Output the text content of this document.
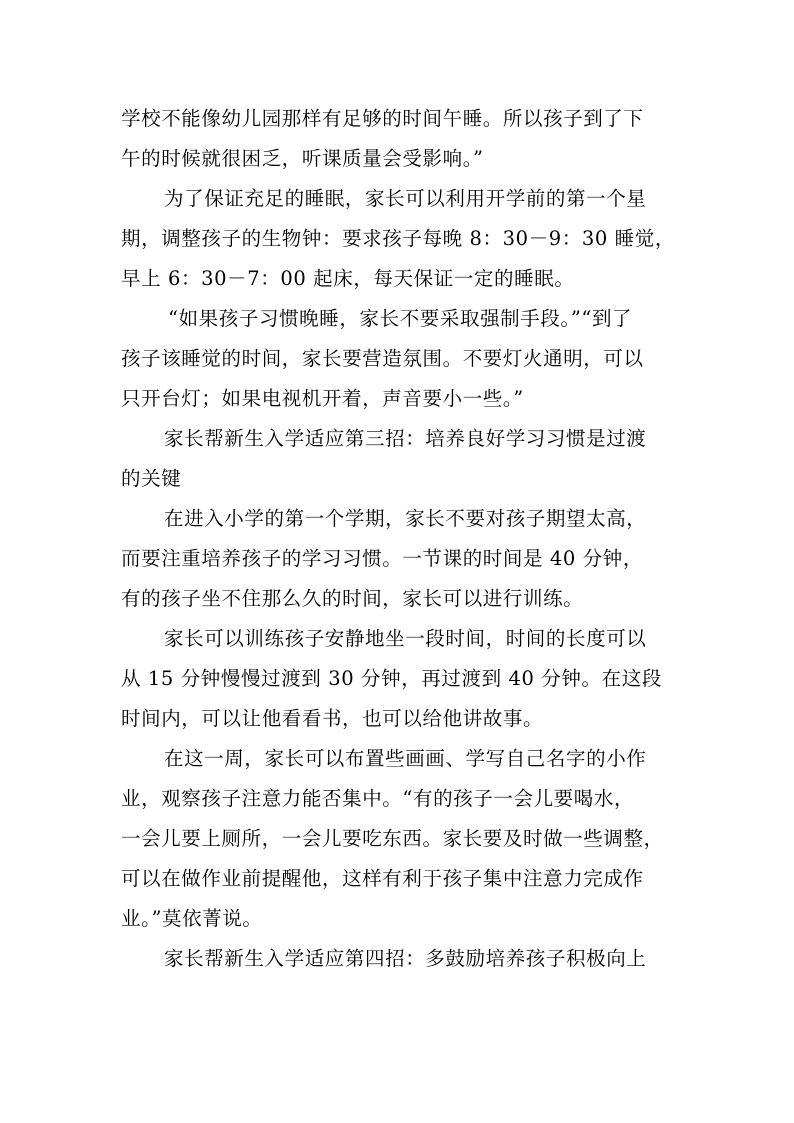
学校不能像幼儿园那样有足够的时间午睡。所以孩子到了下
午的时候就很困乏，听课质量会受影响。”
为了保证充足的睡眠，家长可以利用开学前的第一个星
期，调整孩子的生物钟：要求孩子每晚 8：30－9：30 睡觉，
早上 6：30－7：00 起床，每天保证一定的睡眠。
“如果孩子习惯晚睡，家长不要采取强制手段。”“到了
孩子该睡觉的时间，家长要营造氛围。不要灯火通明，可以
只开台灯；如果电视机开着，声音要小一些。”
家长帮新生入学适应第三招：培养良好学习习惯是过渡
的关键
在进入小学的第一个学期，家长不要对孩子期望太高，
而要注重培养孩子的学习习惯。一节课的时间是 40 分钟，
有的孩子坐不住那么久的时间，家长可以进行训练。
家长可以训练孩子安静地坐一段时间，时间的长度可以
从 15 分钟慢慢过渡到 30 分钟，再过渡到 40 分钟。在这段
时间内，可以让他看看书，也可以给他讲故事。
在这一周，家长可以布置些画画、学写自己名字的小作
业，观察孩子注意力能否集中。“有的孩子一会儿要喝水，
一会儿要上厕所，一会儿要吃东西。家长要及时做一些调整，
可以在做作业前提醒他，这样有利于孩子集中注意力完成作
业。”莫依菁说。
家长帮新生入学适应第四招：多鼓励培养孩子积极向上
